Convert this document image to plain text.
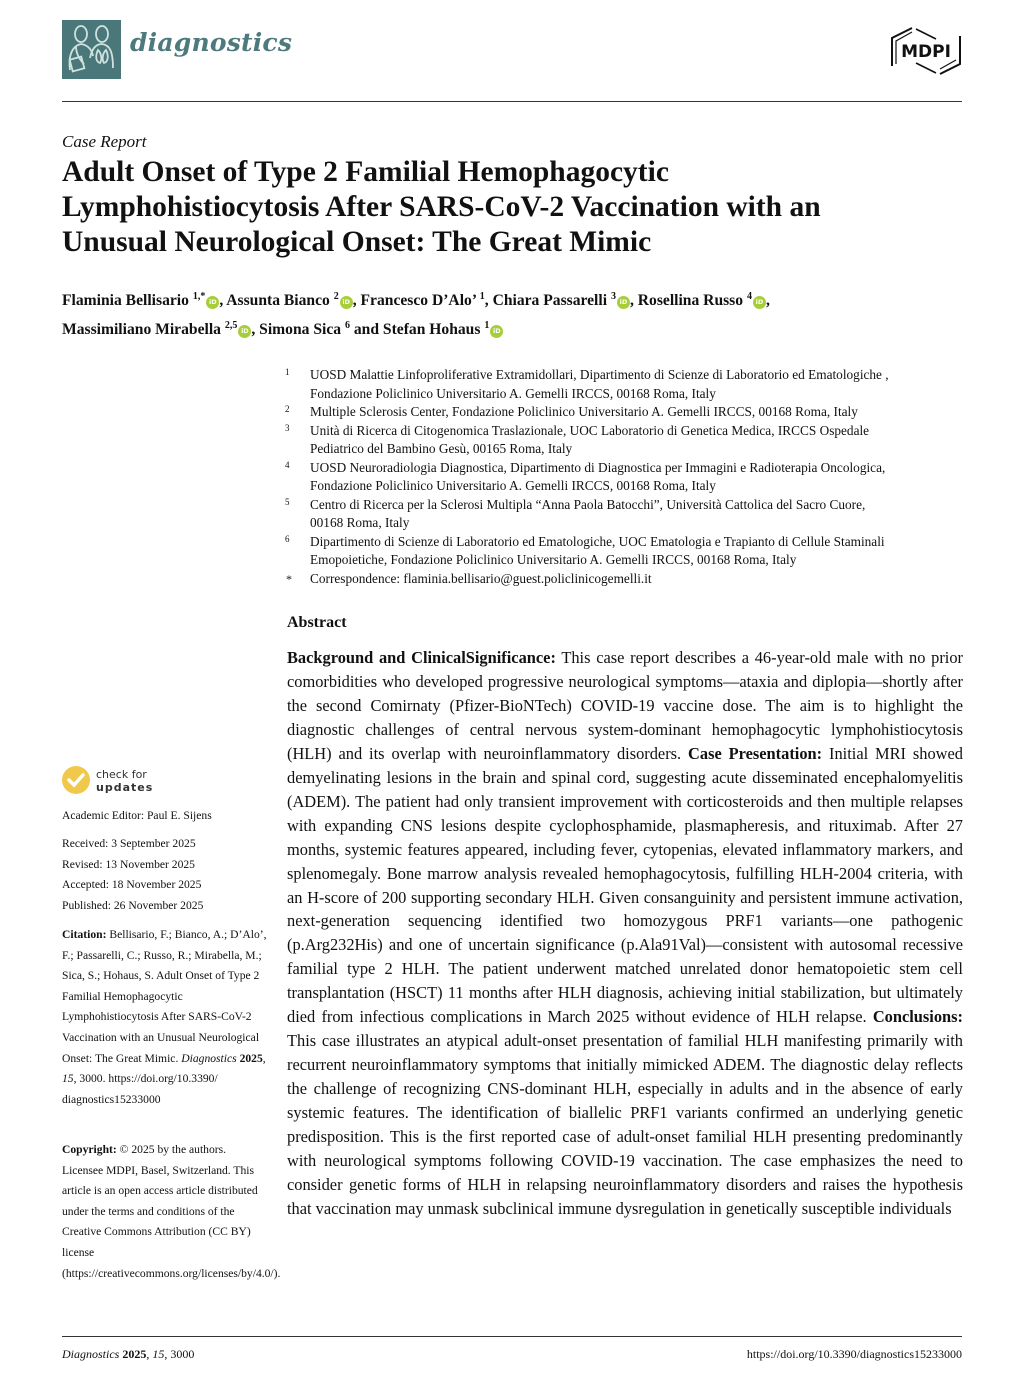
diagnostics	MDPI
Case Report
Adult Onset of Type 2 Familial Hemophagocytic
Lymphohistiocytosis After SARS-CoV-2 Vaccination with an
Unusual Neurological Onset: The Great Mimic
Flaminia Bellisario $^{1,*}$ iD , Assunta Bianco $^2$ iD , Francesco D’Alo’ $^1$, Chiara Passarelli $^3$ iD , Rosellina Russo $^4$ iD ,
Massimiliano Mirabella $^{2,5}$ iD , Simona Sica $^6$ and Stefan Hohaus $^1$ iD
1 UOSD Malattie Linfoproliferative Extramidollari, Dipartimento di Scienze di Laboratorio ed Ematologiche ,
Fondazione Policlinico Universitario A. Gemelli IRCCS, 00168 Roma, Italy
2 Multiple Sclerosis Center, Fondazione Policlinico Universitario A. Gemelli IRCCS, 00168 Roma, Italy
3 Unità di Ricerca di Citogenomica Traslazionale, UOC Laboratorio di Genetica Medica, IRCCS Ospedale
Pediatrico del Bambino Gesù, 00165 Roma, Italy
4 UOSD Neuroradiologia Diagnostica, Dipartimento di Diagnostica per Immagini e Radioterapia Oncologica,
Fondazione Policlinico Universitario A. Gemelli IRCCS, 00168 Roma, Italy
5 Centro di Ricerca per la Sclerosi Multipla “Anna Paola Batocchi”, Università Cattolica del Sacro Cuore,
00168 Roma, Italy
6 Dipartimento di Scienze di Laboratorio ed Ematologiche, UOC Ematologia e Trapianto di Cellule Staminali
Emopoietiche, Fondazione Policlinico Universitario A. Gemelli IRCCS, 00168 Roma, Italy
* Correspondence: flaminia.bellisario@guest.policlinicogemelli.it
Abstract
Background and ClinicalSignificance: This case report describes a 46-year-old male with no prior comorbidities who developed progressive neurological symptoms—ataxia and diplopia—shortly after the second Comirnaty (Pfizer-BioNTech) COVID-19 vaccine dose. The aim is to highlight the diagnostic challenges of central nervous system-dominant hemophagocytic lymphohistiocytosis (HLH) and its overlap with neuroinflammatory disorders. Case Presentation: Initial MRI showed demyelinating lesions in the brain and spinal cord, suggesting acute disseminated encephalomyelitis (ADEM). The patient had only transient improvement with corticosteroids and then multiple relapses with expanding CNS lesions despite cyclophosphamide, plasmapheresis, and rituximab. After 27 months, systemic features appeared, including fever, cytopenias, elevated inflammatory markers, and splenomegaly. Bone marrow analysis revealed hemophagocytosis, fulfilling HLH-2004 criteria, with an H-score of 200 supporting secondary HLH. Given consanguinity and persistent immune activation, next-generation sequencing identified two homozygous PRF1 variants—one pathogenic (p.Arg232His) and one of uncertain significance (p.Ala91Val)—consistent with autosomal recessive familial type 2 HLH. The patient underwent matched unrelated donor hematopoietic stem cell transplantation (HSCT) 11 months after HLH diagnosis, achieving initial stabilization, but ultimately died from infectious complications in March 2025 without evidence of HLH relapse. Conclusions: This case illustrates an atypical adult-onset presentation of familial HLH manifesting primarily with recurrent neuroinflammatory symptoms that initially mimicked ADEM. The diagnostic delay reflects the challenge of recognizing CNS-dominant HLH, especially in adults and in the absence of early systemic features. The identification of biallelic PRF1 variants confirmed an underlying genetic predisposition. This is the first reported case of adult-onset familial HLH presenting predominantly with neurological symptoms following COVID-19 vaccination. The case emphasizes the need to consider genetic forms of HLH in relapsing neuroinflammatory disorders and raises the hypothesis that vaccination may unmask subclinical immune dysregulation in genetically susceptible individuals
check for
updates
Academic Editor: Paul E. Sijens
Received: 3 September 2025
Revised: 13 November 2025
Accepted: 18 November 2025
Published: 26 November 2025
Citation: Bellisario, F.; Bianco, A.; D’Alo’, F.; Passarelli, C.; Russo, R.; Mirabella, M.; Sica, S.; Hohaus, S. Adult Onset of Type 2 Familial Hemophagocytic Lymphohistiocytosis After SARS-CoV-2 Vaccination with an Unusual Neurological Onset: The Great Mimic. Diagnostics 2025, 15, 3000. https:/​/​doi.org/​10.3390/​diagnostics15233000
Copyright: © 2025 by the authors. Licensee MDPI, Basel, Switzerland. This article is an open access article distributed under the terms and conditions of the Creative Commons Attribution (CC BY) license (https://creativecommons.org/licenses/by/4.0/).
Diagnostics 2025, 15, 3000	https://doi.org/10.3390/diagnostics15233000
